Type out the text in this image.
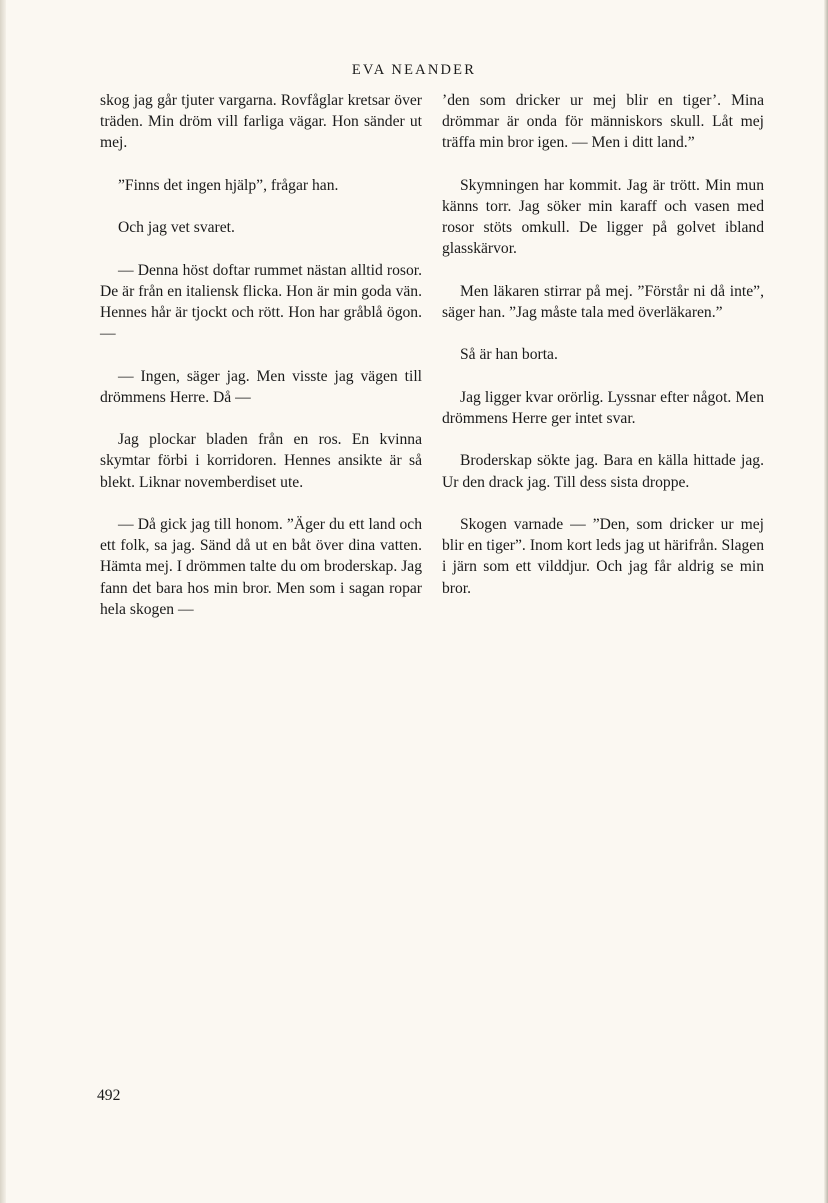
EVA NEANDER

skog jag går tjuter vargarna. Rovfåglar kretsar över träden. Min dröm vill farliga vägar. Hon sänder ut mej.

”Finns det ingen hjälp”, frågar han.

Och jag vet svaret.

— Denna höst doftar rummet nästan alltid rosor. De är från en italiensk flicka. Hon är min goda vän. Hennes hår är tjockt och rött. Hon har gråblå ögon. —

— Ingen, säger jag. Men visste jag vägen till drömmens Herre. Då —

Jag plockar bladen från en ros. En kvinna skymtar förbi i korridoren. Hennes ansikte är så blekt. Liknar novemberdiset ute.

— Då gick jag till honom. ”Äger du ett land och ett folk, sa jag. Sänd då ut en båt över dina vatten. Hämta mej. I drömmen talte du om broderskap. Jag fann det bara hos min bror. Men som i sagan ropar hela skogen —

’den som dricker ur mej blir en tiger’. Mina drömmar är onda för människors skull. Låt mej träffa min bror igen. — Men i ditt land.”

Skymningen har kommit. Jag är trött. Min mun känns torr. Jag söker min karaff och vasen med rosor stöts omkull. De ligger på golvet ibland glasskärvor.

Men läkaren stirrar på mej. ”Förstår ni då inte”, säger han. ”Jag måste tala med överläkaren.”

Så är han borta.

Jag ligger kvar orörlig. Lyssnar efter något. Men drömmens Herre ger intet svar.

Broderskap sökte jag. Bara en källa hittade jag. Ur den drack jag. Till dess sista droppe.

Skogen varnade — ”Den, som dricker ur mej blir en tiger”. Inom kort leds jag ut härifrån. Slagen i järn som ett vilddjur. Och jag får aldrig se min bror.

492
